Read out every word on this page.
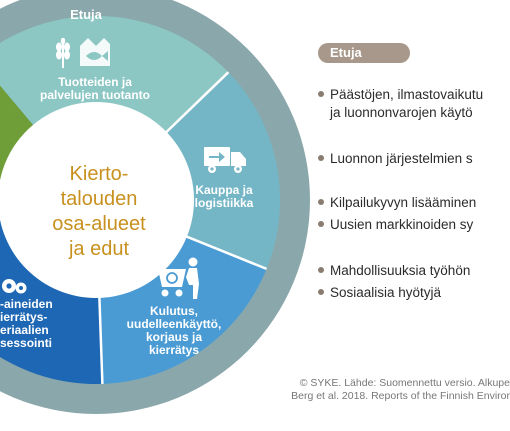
Etuja
Tuotteiden ja
palvelujen tuotanto
Kauppa ja
logistiikka
Kulutus,
uudelleenkäyttö,
korjaus ja
kierrätys
-aineiden
ierrätys-
eriaalien
sessointi
Kierto-
talouden
osa-alueet
ja edut
Etuja
Päästöjen, ilmastovaikutu
ja luonnonvarojen käytö
Luonnon järjestelmien s
Kilpailukyvyn lisääminen
Uusien markkinoiden sy
Mahdollisuuksia työhön
Sosiaalisia hyötyjä
© SYKE. Lähde: Suomennettu versio. Alkupe
Berg et al. 2018. Reports of the Finnish Enviror
